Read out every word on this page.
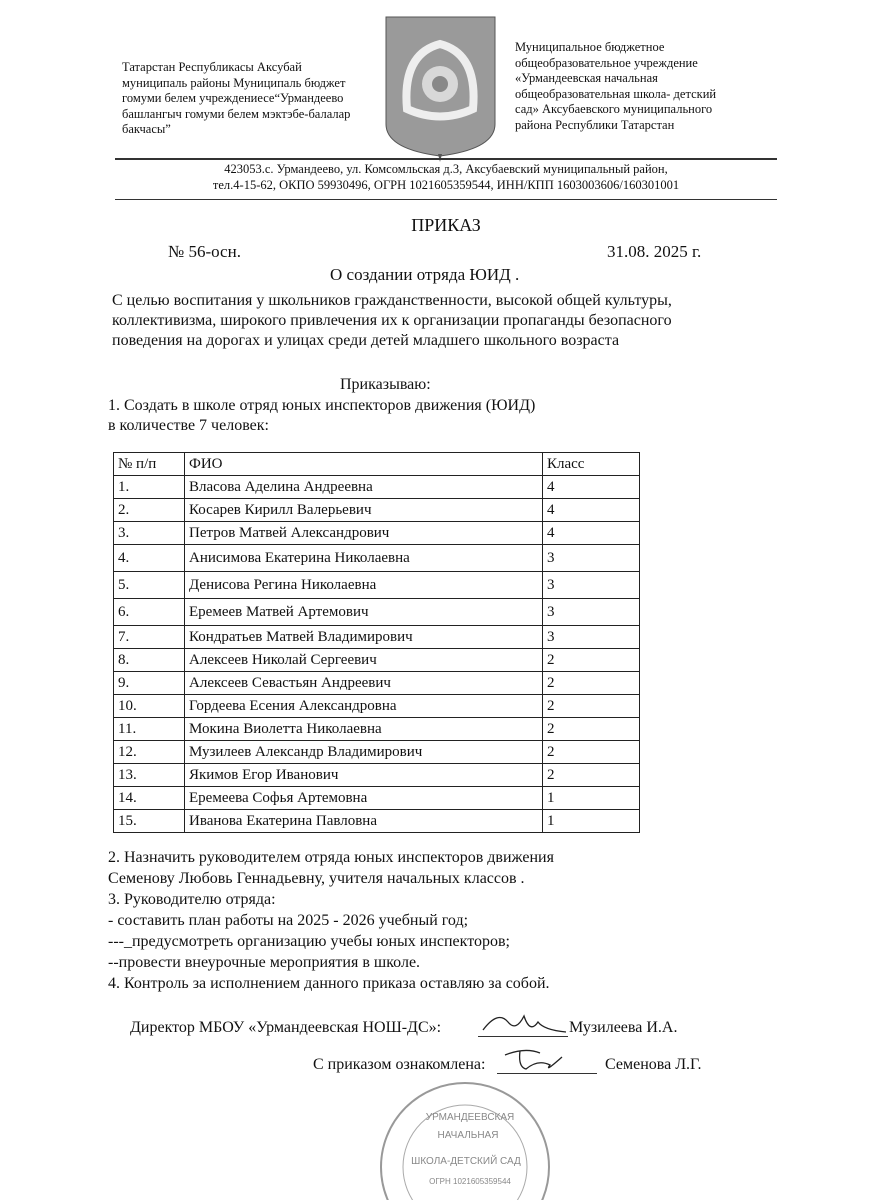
Татарстан Республикасы Аксубай
муниципаль районы Муниципаль бюджет
гомуми белем учреждениесе“Урмандеево
башлангыч гомуми белем мэктэбе-балалар
бакчасы”
Муниципальное бюджетное
общеобразовательное учреждение
«Урмандеевская начальная
общеобразовательная школа- детский
сад» Аксубаевского муниципального
района Республики Татарстан
423053.с. Урмандеево, ул. Комсомльская д.3, Аксубаевский муниципальный район,
тел.4-15-62, ОКПО 59930496, ОГРН 1021605359544, ИНН/КПП 1603003606/160301001
ПРИКАЗ
№ 56-осн.	31.08. 2025 г.
О создании отряда ЮИД .
С целью воспитания у школьников гражданственности, высокой общей культуры,
коллективизма, широкого привлечения их к организации пропаганды безопасного
поведения на дорогах и улицах среди детей младшего школьного возраста
Приказываю:
1. Создать в школе отряд юных инспекторов движения (ЮИД)
в количестве 7 человек:
№ п/п	ФИО	Класс
1.	Власова Аделина Андреевна	4
2.	Косарев Кирилл Валерьевич	4
3.	Петров Матвей Александрович	4
4.	Анисимова Екатерина Николаевна	3
5.	Денисова Регина Николаевна	3
6.	Еремеев Матвей Артемович	3
7.	Кондратьев Матвей Владимирович	3
8.	Алексеев Николай Сергеевич	2
9.	Алексеев Севастьян Андреевич	2
10.	Гордеева Есения Александровна	2
11.	Мокина Виолетта Николаевна	2
12.	Музилеев Александр Владимирович	2
13.	Якимов Егор Иванович	2
14.	Еремеева Софья Артемовна	1
15.	Иванова Екатерина Павловна	1
2. Назначить руководителем отряда юных инспекторов движения
Семенову Любовь Геннадьевну, учителя начальных классов .
3. Руководителю отряда:
- составить план работы на 2025 - 2026 учебный год;
---_предусмотреть организацию учебы юных инспекторов;
--провести внеурочные мероприятия в школе.
4. Контроль за исполнением данного приказа оставляю за собой.
УРМАНДЕЕВСКАЯ
НАЧАЛЬНАЯ
ШКОЛА-ДЕТСКИЙ САД
ОГРН 1021605359544
Директор МБОУ «Урмандеевская НОШ-ДС»:	Музилеева И.А.
С приказом ознакомлена:	Семенова Л.Г.
